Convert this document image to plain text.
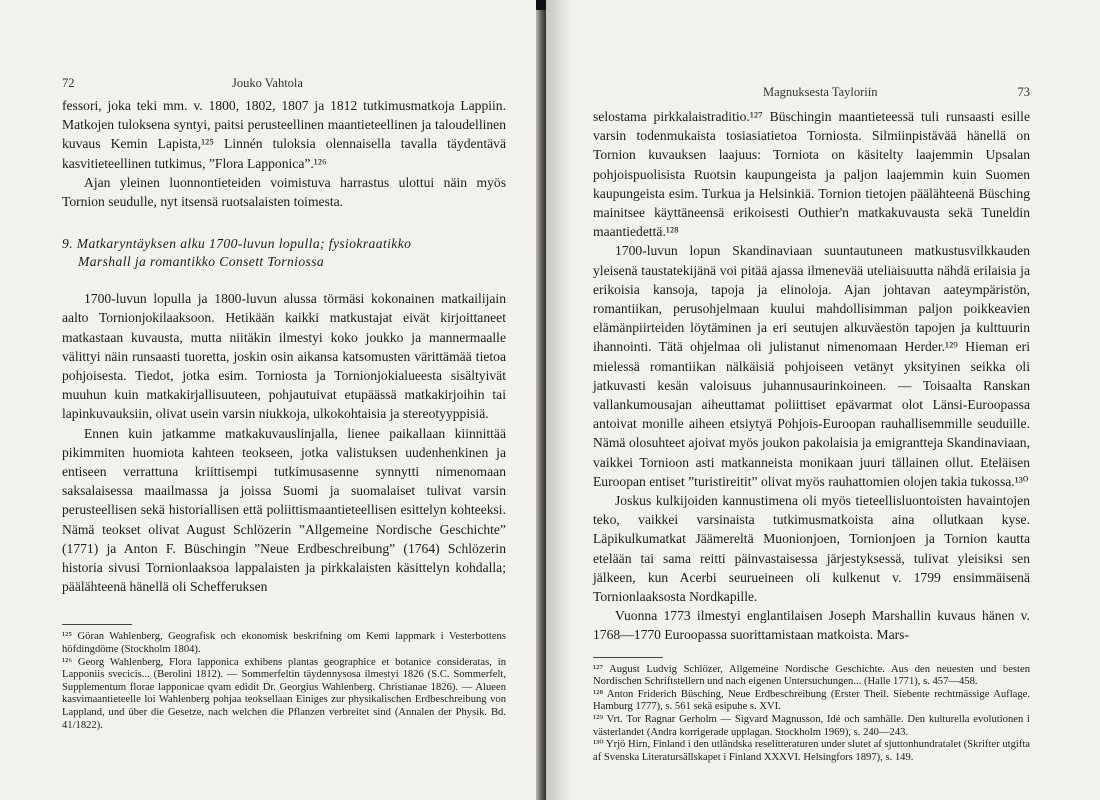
72	Jouko Vahtola

fessori, joka teki mm. v. 1800, 1802, 1807 ja 1812 tutkimusmatkoja Lappiin. Matkojen tuloksena syntyi, paitsi perusteellinen maantieteellinen ja taloudellinen kuvaus Kemin Lapista,¹²⁵ Linnén tuloksia olennaisella tavalla täydentävä kasvitieteellinen tutkimus, ”Flora Lapponica”.¹²⁶

Ajan yleinen luonnontieteiden voimistuva harrastus ulottui näin myös Tornion seudulle, nyt itsensä ruotsalaisten toimesta.

9. Matkaryntäyksen alku 1700-luvun lopulla; fysiokraatikko
Marshall ja romantikko Consett Torniossa

1700-luvun lopulla ja 1800-luvun alussa törmäsi kokonainen matkailijain aalto Tornionjokilaaksoon. Hetikään kaikki matkustajat eivät kirjoittaneet matkastaan kuvausta, mutta niitäkin ilmestyi koko joukko ja mannermaalle välittyi näin runsaasti tuoretta, joskin osin aikansa katsomusten värittämää tietoa pohjoisesta. Tiedot, jotka esim. Torniosta ja Tornionjokialueesta sisältyivät muuhun kuin matkakirjallisuuteen, pohjautuivat etupäässä matkakirjoihin tai lapinkuvauksiin, olivat usein varsin niukkoja, ulkokohtaisia ja stereotyyppisiä.

Ennen kuin jatkamme matkakuvauslinjalla, lienee paikallaan kiinnittää pikimmiten huomiota kahteen teokseen, jotka valistuksen uudenhenkinen ja entiseen verrattuna kriittisempi tutkimusasenne synnytti nimenomaan saksalaisessa maailmassa ja joissa Suomi ja suomalaiset tulivat varsin perusteellisen sekä historiallisen että poliittismaantieteellisen esittelyn kohteeksi. Nämä teokset olivat August Schlözerin ”Allgemeine Nordische Geschichte” (1771) ja Anton F. Büschingin ”Neue Erdbeschreibung” (1764) Schlözerin historia sivusi Tornionlaaksoa lappalaisten ja pirkkalaisten käsittelyn kohdalla; päälähteenä hänellä oli Schefferuksen

¹²⁵ Göran Wahlenberg, Geografisk och ekonomisk beskrifning om Kemi lappmark i Vesterbottens höfdingdöme (Stockholm 1804).

¹²⁶ Georg Wahlenberg, Flora lapponica exhibens plantas geographice et botanice consideratas, in Lapponiis svecicis... (Berolini 1812). — Sommerfeltin täydennysosa ilmestyi 1826 (S.C. Sommerfelt, Supplementum florae lapponicae qvam edidit Dr. Georgius Wahlenberg. Christianae 1826). — Alueen kasvimaantieteelle loi Wahlenberg pohjaa teoksellaan Einiges zur physikalischen Erdbeschreibung von Lappland, und über die Gesetze, nach welchen die Pflanzen verbreitet sind (Annalen der Physik. Bd. 41/1822).

Magnuksesta Tayloriin	73

selostama pirkkalaistraditio.¹²⁷ Büschingin maantieteessä tuli runsaasti esille varsin todenmukaista tosiasiatietoa Torniosta. Silmiinpistävää hänellä on Tornion kuvauksen laajuus: Torniota on käsitelty laajemmin Upsalan pohjoispuolisista Ruotsin kaupungeista ja paljon laajemmin kuin Suomen kaupungeista esim. Turkua ja Helsinkiä. Tornion tietojen päälähteenä Büsching mainitsee käyttäneensä erikoisesti Outhier'n matkakuvausta sekä Tuneldin maantiedettä.¹²⁸

1700-luvun lopun Skandinaviaan suuntautuneen matkustusvilkkauden yleisenä taustatekijänä voi pitää ajassa ilmenevää uteliaisuutta nähdä erilaisia ja erikoisia kansoja, tapoja ja elinoloja. Ajan johtavan aateympäristön, romantiikan, perusohjelmaan kuului mahdollisimman paljon poikkeavien elämänpiirteiden löytäminen ja eri seutujen alkuväestön tapojen ja kulttuurin ihannointi. Tätä ohjelmaa oli julistanut nimenomaan Herder.¹²⁹ Hieman eri mielessä romantiikan nälkäisiä pohjoiseen vetänyt yksityinen seikka oli jatkuvasti kesän valoisuus juhannusaurinkoineen. — Toisaalta Ranskan vallankumousajan aiheuttamat poliittiset epävarmat olot Länsi-Euroopassa antoivat monille aiheen etsiytyä Pohjois-Euroopan rauhallisemmille seuduille. Nämä olosuhteet ajoivat myös joukon pakolaisia ja emigrantteja Skandinaviaan, vaikkei Tornioon asti matkanneista monikaan juuri tällainen ollut. Eteläisen Euroopan entiset ”turistireitit” olivat myös rauhattomien olojen takia tukossa.¹³⁰

Joskus kulkijoiden kannustimena oli myös tieteellisluontoisten havaintojen teko, vaikkei varsinaista tutkimusmatkoista aina ollutkaan kyse. Läpikulkumatkat Jäämereltä Muonionjoen, Tornionjoen ja Tornion kautta etelään tai sama reitti päinvastaisessa järjestyksessä, tulivat yleisiksi sen jälkeen, kun Acerbi seurueineen oli kulkenut v. 1799 ensimmäisenä Tornionlaaksosta Nordkapille.

Vuonna 1773 ilmestyi englantilaisen Joseph Marshallin kuvaus hänen v. 1768—1770 Euroopassa suorittamistaan matkoista. Mars-

¹²⁷ August Ludvig Schlözer, Allgemeine Nordische Geschichte. Aus den neuesten und besten Nordischen Schriftstellern und nach eigenen Untersuchungen... (Halle 1771), s. 457—458.

¹²⁸ Anton Friderich Büsching, Neue Erdbeschreibung (Erster Theil. Siebente rechtmässige Auflage. Hamburg 1777), s. 561 sekä esipuhe s. XVI.

¹²⁹ Vrt. Tor Ragnar Gerholm — Sigvard Magnusson, Idé och samhälle. Den kulturella evolutionen i västerlandet (Andra korrigerade upplagan. Stockholm 1969), s. 240—243.

¹³⁰ Yrjö Hirn, Finland i den utländska reselitteraturen under slutet af sjuttonhundratalet (Skrifter utgifta af Svenska Literatursällskapet i Finland XXXVI. Helsingfors 1897), s. 149.
